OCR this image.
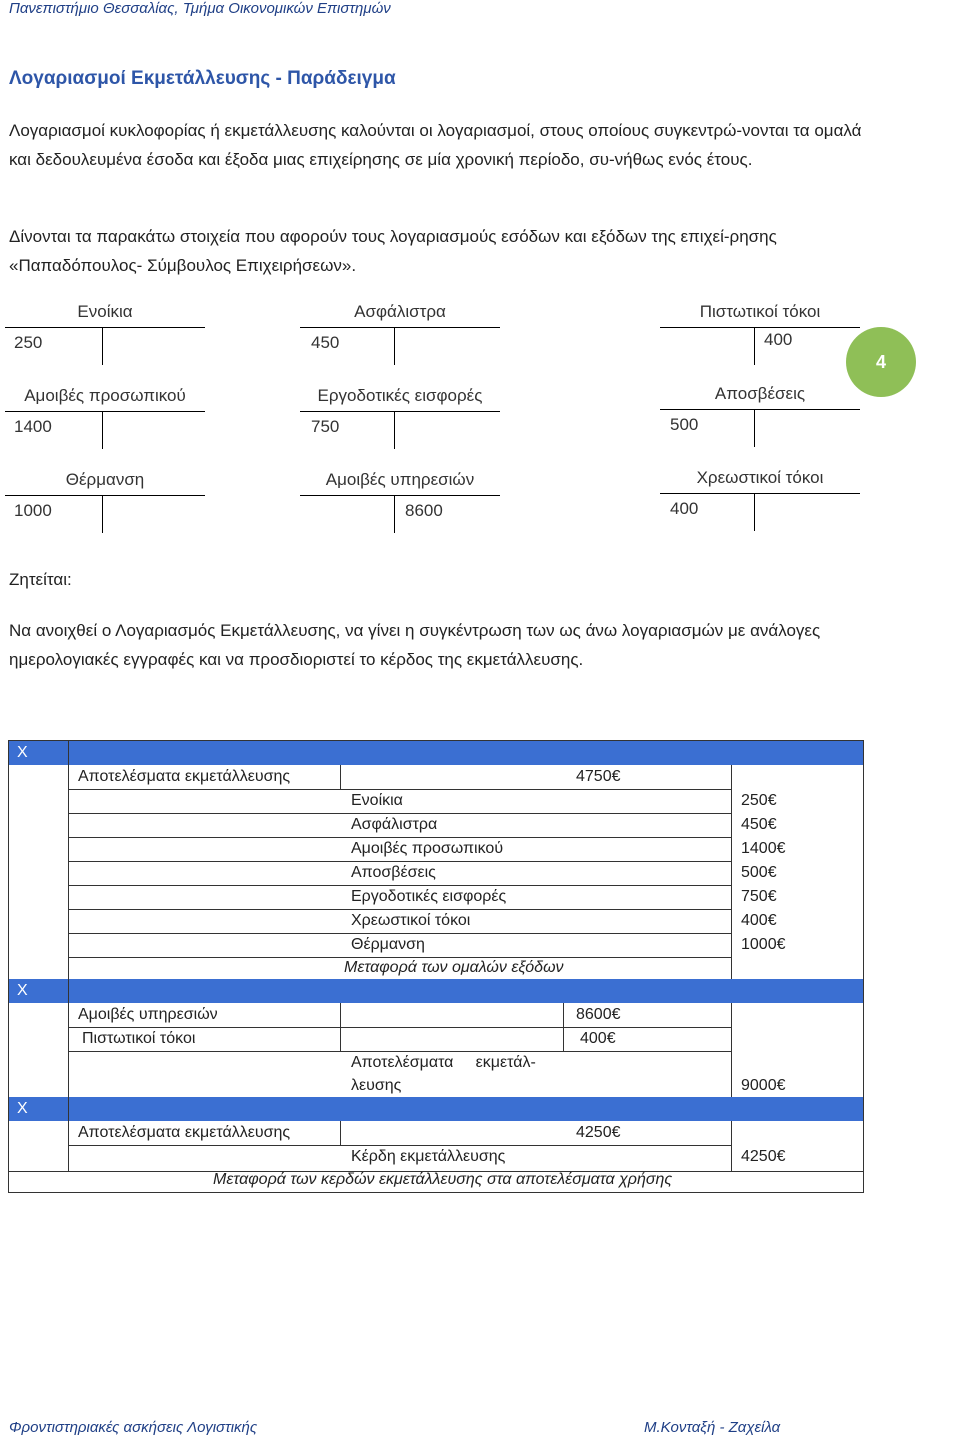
Πανεπιστήμιο Θεσσαλίας, Τμήμα Οικονομικών Επιστημών
Λογαριασμοί Εκμετάλλευσης - Παράδειγμα
Λογαριασμοί κυκλοφορίας ή εκμετάλλευσης καλούνται οι λογαριασμοί, στους οποίους συγκεντρώ-νονται τα ομαλά και δεδουλευμένα έσοδα και έξοδα μιας επιχείρησης σε μία χρονική περίοδο, συ-νήθως ενός έτους.
Δίνονται τα παρακάτω στοιχεία που αφορούν τους λογαριασμούς εσόδων και εξόδων της επιχεί-ρησης «Παπαδόπουλος- Σύμβουλος Επιχειρήσεων».
Ενοίκια
250
Ασφάλιστρα
450
Πιστωτικοί τόκοι
400
4
Αμοιβές προσωπικού
1400
Εργοδοτικές εισφορές
750
Αποσβέσεις
500
Θέρμανση
1000
Αμοιβές υπηρεσιών
8600
Χρεωστικοί τόκοι
400
Ζητείται:
Να ανοιχθεί ο Λογαριασμός Εκμετάλλευσης, να γίνει η συγκέντρωση των ως άνω λογαριασμών με ανάλογες ημερολογιακές εγγραφές και να προσδιοριστεί το κέρδος της εκμετάλλευσης.
Χ
Χ
Χ
Αποτελέσματα εκμετάλλευσης	4750€
Ενοίκια	250€
Ασφάλιστρα	450€
Αμοιβές προσωπικού	1400€
Αποσβέσεις	500€
Εργοδοτικές εισφορές	750€
Χρεωστικοί τόκοι	400€
Θέρμανση	1000€
Μεταφορά των ομαλών εξόδων
Αμοιβές υπηρεσιών	8600€
Πιστωτικοί τόκοι	400€
Αποτελέσματα     εκμετάλ-
λευσης	9000€
Αποτελέσματα εκμετάλλευσης	4250€
Κέρδη εκμετάλλευσης	4250€
Μεταφορά των κερδών εκμετάλλευσης στα αποτελέσματα χρήσης
Φροντιστηριακές ασκήσεις Λογιστικής	Μ.Κονταξή - Ζαχείλα
